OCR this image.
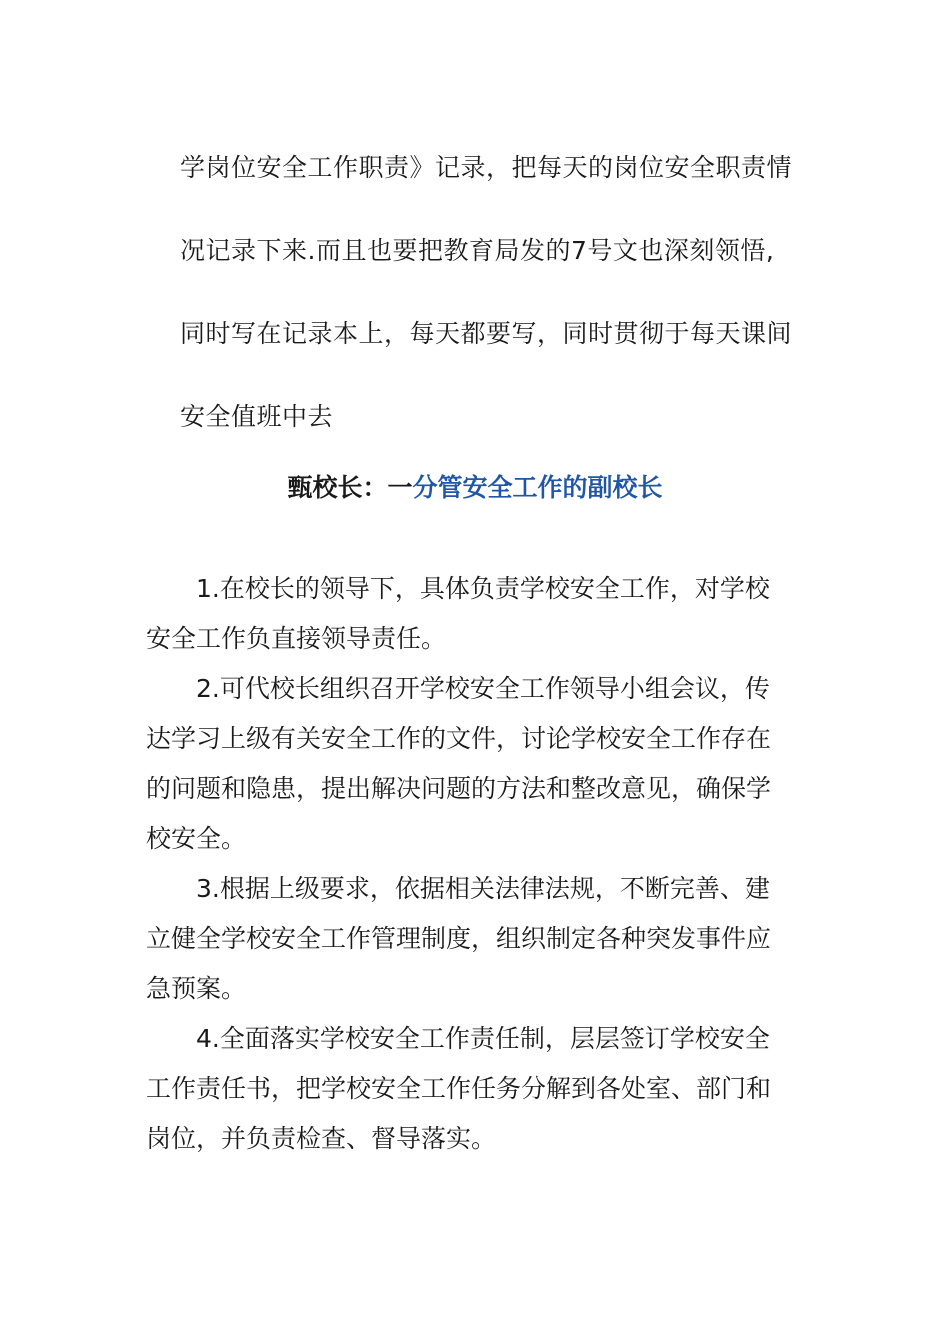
学岗位安全工作职责》记录，把每天的岗位安全职责情

况记录下来.而且也要把教育局发的7号文也深刻领悟,

同时写在记录本上，每天都要写，同时贯彻于每天课间

安全值班中去

甄校长：一分管安全工作的副校长
1.在校长的领导下，具体负责学校安全工作，对学校
安全工作负直接领导责任。
2.可代校长组织召开学校安全工作领导小组会议，传
达学习上级有关安全工作的文件，讨论学校安全工作存在
的问题和隐患，提出解决问题的方法和整改意见，确保学
校安全。
3.根据上级要求，依据相关法律法规，不断完善、建
立健全学校安全工作管理制度，组织制定各种突发事件应
急预案。
4.全面落实学校安全工作责任制，层层签订学校安全
工作责任书，把学校安全工作任务分解到各处室、部门和
岗位，并负责检查、督导落实。
